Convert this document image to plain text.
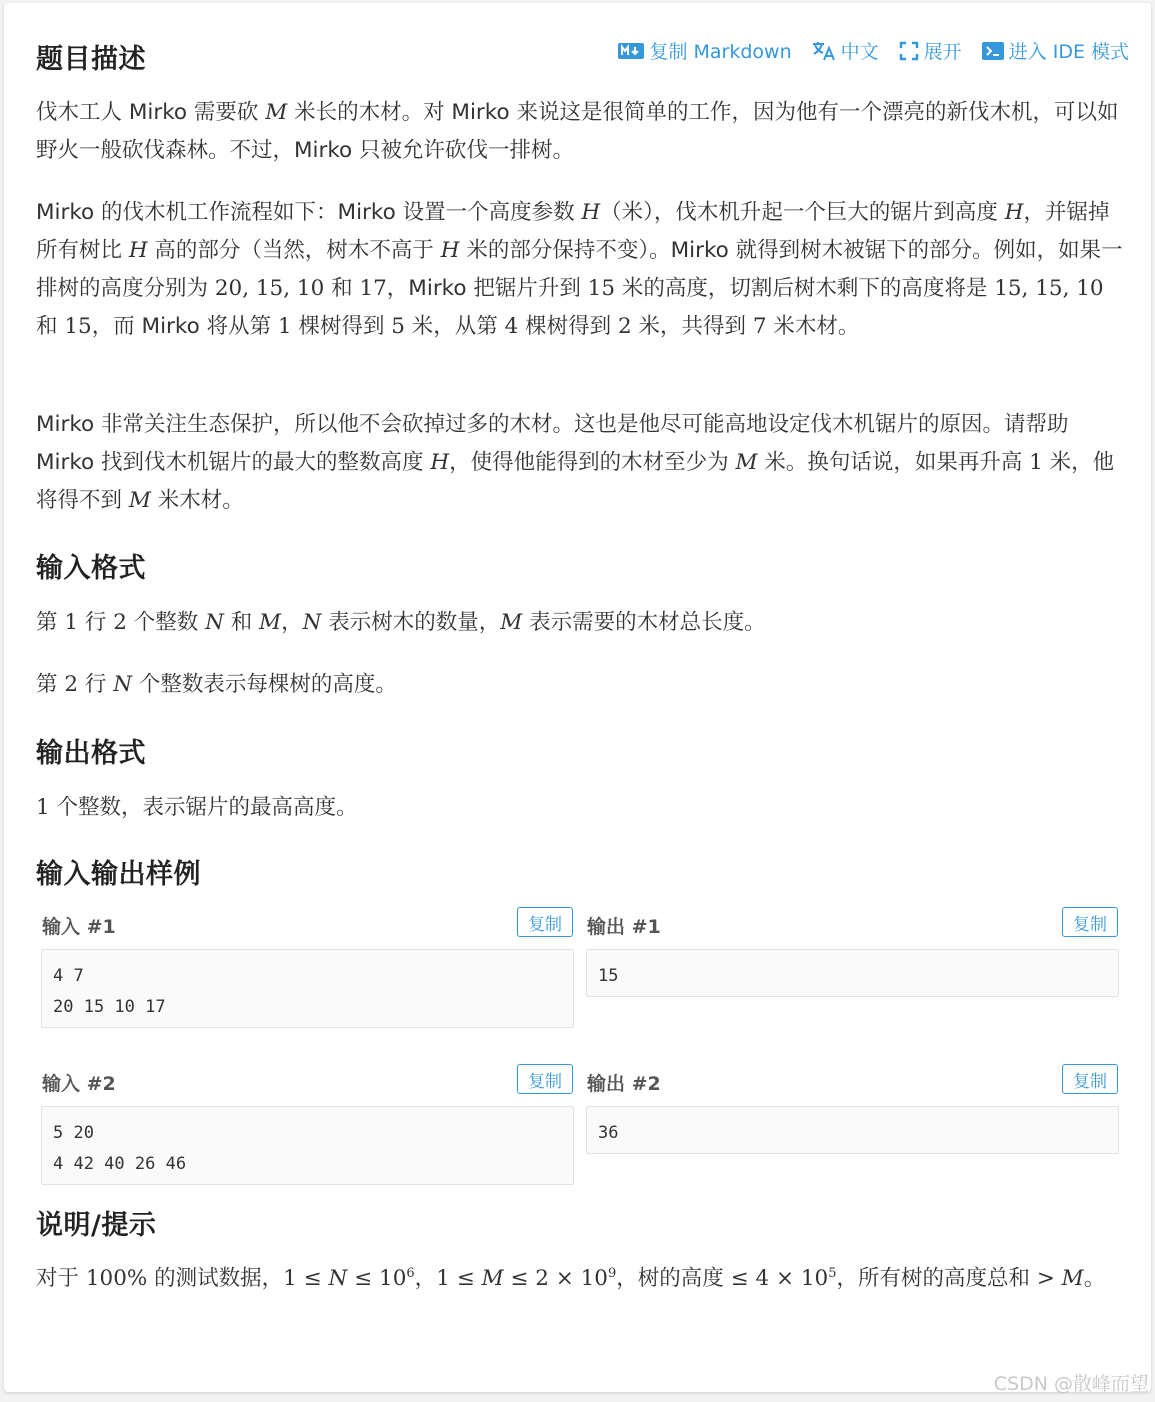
复制 Markdown	中文 展开 进入 IDE 模式
题目描述

伐木工人 Mirko 需要砍 M 米长的木材。对 Mirko 来说这是很简单的工作，因为他有一个漂亮的新伐木机，可以如野火一般砍伐森林。不过，Mirko 只被允许砍伐一排树。

Mirko 的伐木机工作流程如下：Mirko 设置一个高度参数 H（米），伐木机升起一个巨大的锯片到高度 H，并锯掉所有树比 H 高的部分（当然，树木不高于 H 米的部分保持不变）。Mirko 就得到树木被锯下的部分。例如，如果一排树的高度分别为 20, 15, 10 和 17，Mirko 把锯片升到 15 米的高度，切割后树木剩下的高度将是 15, 15, 10 和 15，而 Mirko 将从第 1 棵树得到 5 米，从第 4 棵树得到 2 米，共得到 7 米木材。

Mirko 非常关注生态保护，所以他不会砍掉过多的木材。这也是他尽可能高地设定伐木机锯片的原因。请帮助 Mirko 找到伐木机锯片的最大的整数高度 H，使得他能得到的木材至少为 M 米。换句话说，如果再升高 1 米，他将得不到 M 米木材。

输入格式

第 1 行 2 个整数 N 和 M，N 表示树木的数量，M 表示需要的木材总长度。

第 2 行 N 个整数表示每棵树的高度。

输出格式

1 个整数，表示锯片的最高高度。

输入输出样例
输入 #1	复制
4 7
20 15 10 17
输出 #1	复制
15
输入 #2	复制
5 20
4 42 40 26 46
输出 #2	复制
36
说明/提示

对于 100% 的测试数据，$1 \le N \le 10^6$，$1 \le M \le 2 \times 10^9$，树的高度 ≤ $4 \times 10^5$，所有树的高度总和 > M。

CSDN @散峰而望
